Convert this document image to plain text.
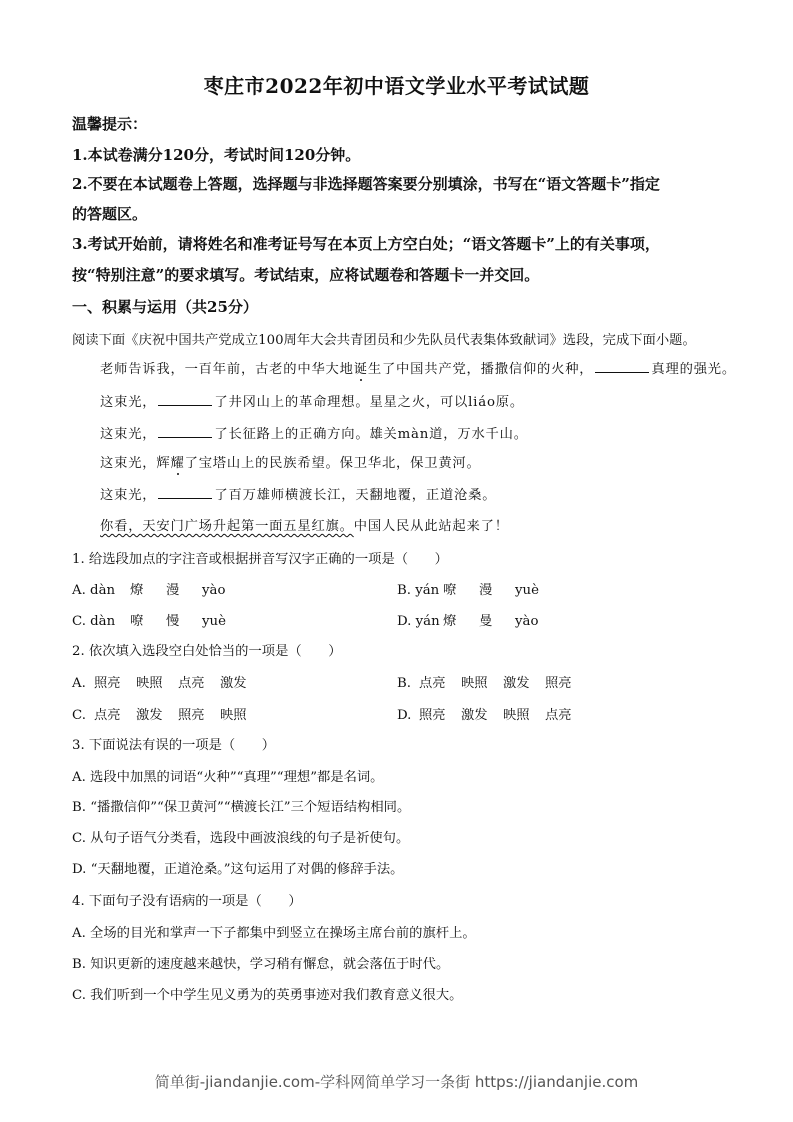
枣庄市2022年初中语文学业水平考试试题
温馨提示：
1.本试卷满分120分，考试时间120分钟。
2.不要在本试题卷上答题，选择题与非选择题答案要分别填涂，书写在“语文答题卡”指定
的答题区。
3.考试开始前，请将姓名和准考证号写在本页上方空白处；“语文答题卡”上的有关事项，
按“特别注意”的要求填写。考试结束，应将试题卷和答题卡一并交回。
一、积累与运用（共25分）
阅读下面《庆祝中国共产党成立100周年大会共青团员和少先队员代表集体致献词》选段，完成下面小题。
老师告诉我，一百年前，古老的中华大地诞生了中国共产党，播撒信仰的火种，	真理的强光。
这束光，	了井冈山上的革命理想。星星之火，可以liáo原。
这束光，	了长征路上的正确方向。雄关màn道，万水千山。
这束光，辉耀了宝塔山上的民族希望。保卫华北，保卫黄河。
这束光，	了百万雄师横渡长江，天翻地覆，正道沧桑。
你看，天安门广场升起第一面五星红旗。中国人民从此站起来了！
1. 给选段加点的字注音或根据拼音写汉字正确的一项是（　　）
A. dàn 燎 漫 yào	B. yán 嘹 漫 yuè
C. dàn 嘹 慢 yuè	D. yán 燎 曼 yào
2. 依次填入选段空白处恰当的一项是（　　）
A. 照亮 映照 点亮 激发	B. 点亮 映照 激发 照亮
C. 点亮 激发 照亮 映照	D. 照亮 激发 映照 点亮
3. 下面说法有误的一项是（　　）
A. 选段中加黑的词语“火种”“真理”“理想”都是名词。
B. “播撒信仰”“保卫黄河”“横渡长江”三个短语结构相同。
C. 从句子语气分类看，选段中画波浪线的句子是祈使句。
D. “天翻地覆，正道沧桑。”这句运用了对偶的修辞手法。
4. 下面句子没有语病的一项是（　　）
A. 全场的目光和掌声一下子都集中到竖立在操场主席台前的旗杆上。
B. 知识更新的速度越来越快，学习稍有懈怠，就会落伍于时代。
C. 我们听到一个中学生见义勇为的英勇事迹对我们教育意义很大。
简单街-jiandanjie.com-学科网简单学习一条街 https://jiandanjie.com
